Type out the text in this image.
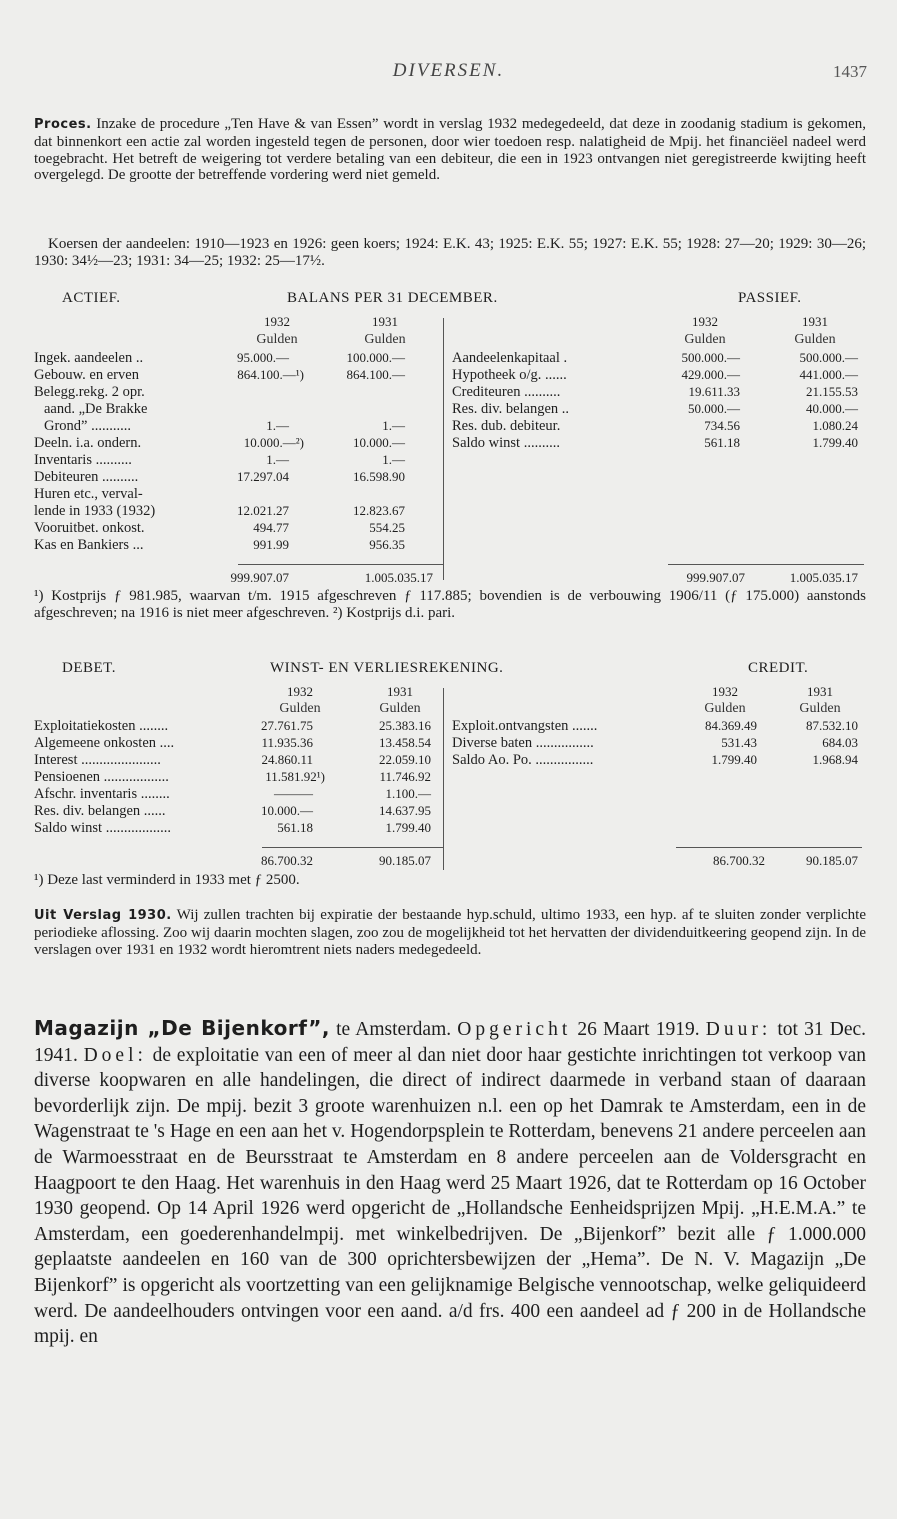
DIVERSEN.	1437
Proces. Inzake de procedure „Ten Have & van Essen” wordt in verslag 1932 medegedeeld, dat deze in zoodanig stadium is gekomen, dat binnenkort een actie zal worden ingesteld tegen de personen, door wier toedoen resp. nalatigheid de Mpij. het financiëel nadeel werd toegebracht. Het betreft de weigering tot verdere betaling van een debiteur, die een in 1923 ontvangen niet geregistreerde kwijting heeft overgelegd. De grootte der betreffende vordering werd niet gemeld.
Koersen der aandeelen: 1910—1923 en 1926: geen koers; 1924: E.K. 43; 1925: E.K. 55; 1927: E.K. 55; 1928: 27—20; 1929: 30—26; 1930: 34½—23; 1931: 34—25; 1932: 25—17½.
ACTIEF.	BALANS PER 31 DECEMBER.	PASSIEF.
1932	1931	1932	1931
Gulden	Gulden	Gulden	Gulden
Ingek. aandeelen ..	95.000.—	100.000.—
Gebouw. en erven	864.100.—¹)	864.100.—
Belegg.rekg. 2 opr.
aand. „De Brakke
Grond” ...........	1.—	1.—
Deeln. i.a. ondern.	10.000.—²)	10.000.—
Inventaris ..........	1.—	1.—
Debiteuren ..........	17.297.04	16.598.90
Huren etc., verval-
lende in 1933 (1932)	12.021.27	12.823.67
Vooruitbet. onkost.	494.77	554.25
Kas en Bankiers ...	991.99	956.35
Aandeelenkapitaal .	500.000.—	500.000.—
Hypotheek o/g. ......	429.000.—	441.000.—
Crediteuren ..........	19.611.33	21.155.53
Res. div. belangen ..	50.000.—	40.000.—
Res. dub. debiteur.	734.56	1.080.24
Saldo winst ..........	561.18	1.799.40
999.907.07	1.005.035.17	999.907.07	1.005.035.17
¹) Kostprijs ƒ 981.985, waarvan t/m. 1915 afgeschreven ƒ 117.885; bovendien is de verbouwing 1906/11 (ƒ 175.000) aanstonds afgeschreven; na 1916 is niet meer afgeschreven. ²) Kostprijs d.i. pari.
DEBET.	WINST- EN VERLIESREKENING.	CREDIT.
1932	1931	1932	1931
Gulden	Gulden	Gulden	Gulden
Exploitatiekosten ........	27.761.75	25.383.16
Algemeene onkosten ....	11.935.36	13.458.54
Interest ......................	24.860.11	22.059.10
Pensioenen ..................	11.581.92¹)	11.746.92
Afschr. inventaris ........	———	1.100.—
Res. div. belangen ......	10.000.—	14.637.95
Saldo winst ..................	561.18	1.799.40
Exploit.ontvangsten .......	84.369.49	87.532.10
Diverse baten ................	531.43	684.03
Saldo Ao. Po. ................	1.799.40	1.968.94
86.700.32	90.185.07	86.700.32	90.185.07
¹) Deze last verminderd in 1933 met ƒ 2500.
Uit Verslag 1930. Wij zullen trachten bij expiratie der bestaande hyp.schuld, ultimo 1933, een hyp. af te sluiten zonder verplichte periodieke aflossing. Zoo wij daarin mochten slagen, zoo zou de mogelijkheid tot het hervatten der dividenduitkeering geopend zijn. In de verslagen over 1931 en 1932 wordt hieromtrent niets naders medegedeeld.
Magazijn „De Bijenkorf”, te Amsterdam. Opgericht 26 Maart 1919. Duur: tot 31 Dec. 1941. Doel: de exploitatie van een of meer al dan niet door haar gestichte inrichtingen tot verkoop van diverse koopwaren en alle handelingen, die direct of indirect daarmede in verband staan of daaraan bevorderlijk zijn. De mpij. bezit 3 groote warenhuizen n.l. een op het Damrak te Amsterdam, een in de Wagenstraat te 's Hage en een aan het v. Hogendorpsplein te Rotterdam, benevens 21 andere perceelen aan de Warmoesstraat en de Beursstraat te Amsterdam en 8 andere perceelen aan de Voldersgracht en Haagpoort te den Haag. Het warenhuis in den Haag werd 25 Maart 1926, dat te Rotterdam op 16 October 1930 geopend. Op 14 April 1926 werd opgericht de „Hollandsche Eenheidsprijzen Mpij. „H.E.M.A.” te Amsterdam, een goederenhandelmpij. met winkelbedrijven. De „Bijenkorf” bezit alle ƒ 1.000.000 geplaatste aandeelen en 160 van de 300 oprichtersbewijzen der „Hema”. De N. V. Magazijn „De Bijenkorf” is opgericht als voortzetting van een gelijknamige Belgische vennootschap, welke geliquideerd werd. De aandeelhouders ontvingen voor een aand. a/d frs. 400 een aandeel ad ƒ 200 in de Hollandsche mpij. en
